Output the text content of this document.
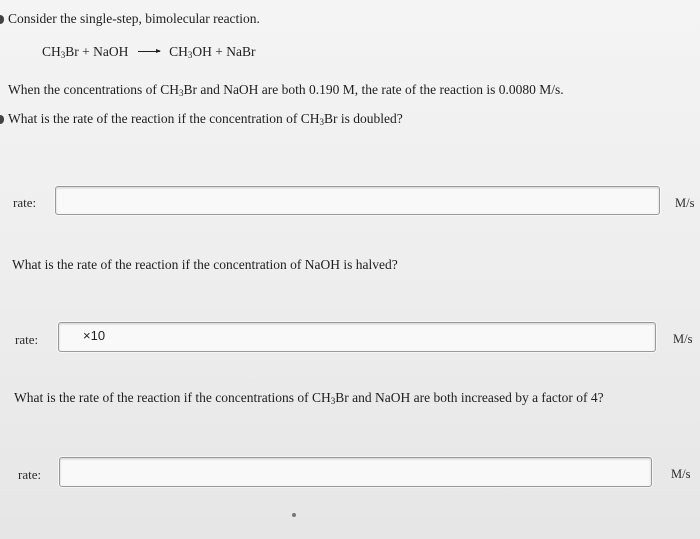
Consider the single-step, bimolecular reaction.
$CH_3Br$ + NaOH → $CH_3OH$ + NaBr
When the concentrations of $CH_3Br$ and NaOH are both 0.190 M, the rate of the reaction is 0.0080 M/s.
What is the rate of the reaction if the concentration of $CH_3Br$ is doubled?
rate:	M/s
What is the rate of the reaction if the concentration of NaOH is halved?
rate:	×10	M/s
What is the rate of the reaction if the concentrations of $CH_3Br$ and NaOH are both increased by a factor of 4?
rate:	M/s
